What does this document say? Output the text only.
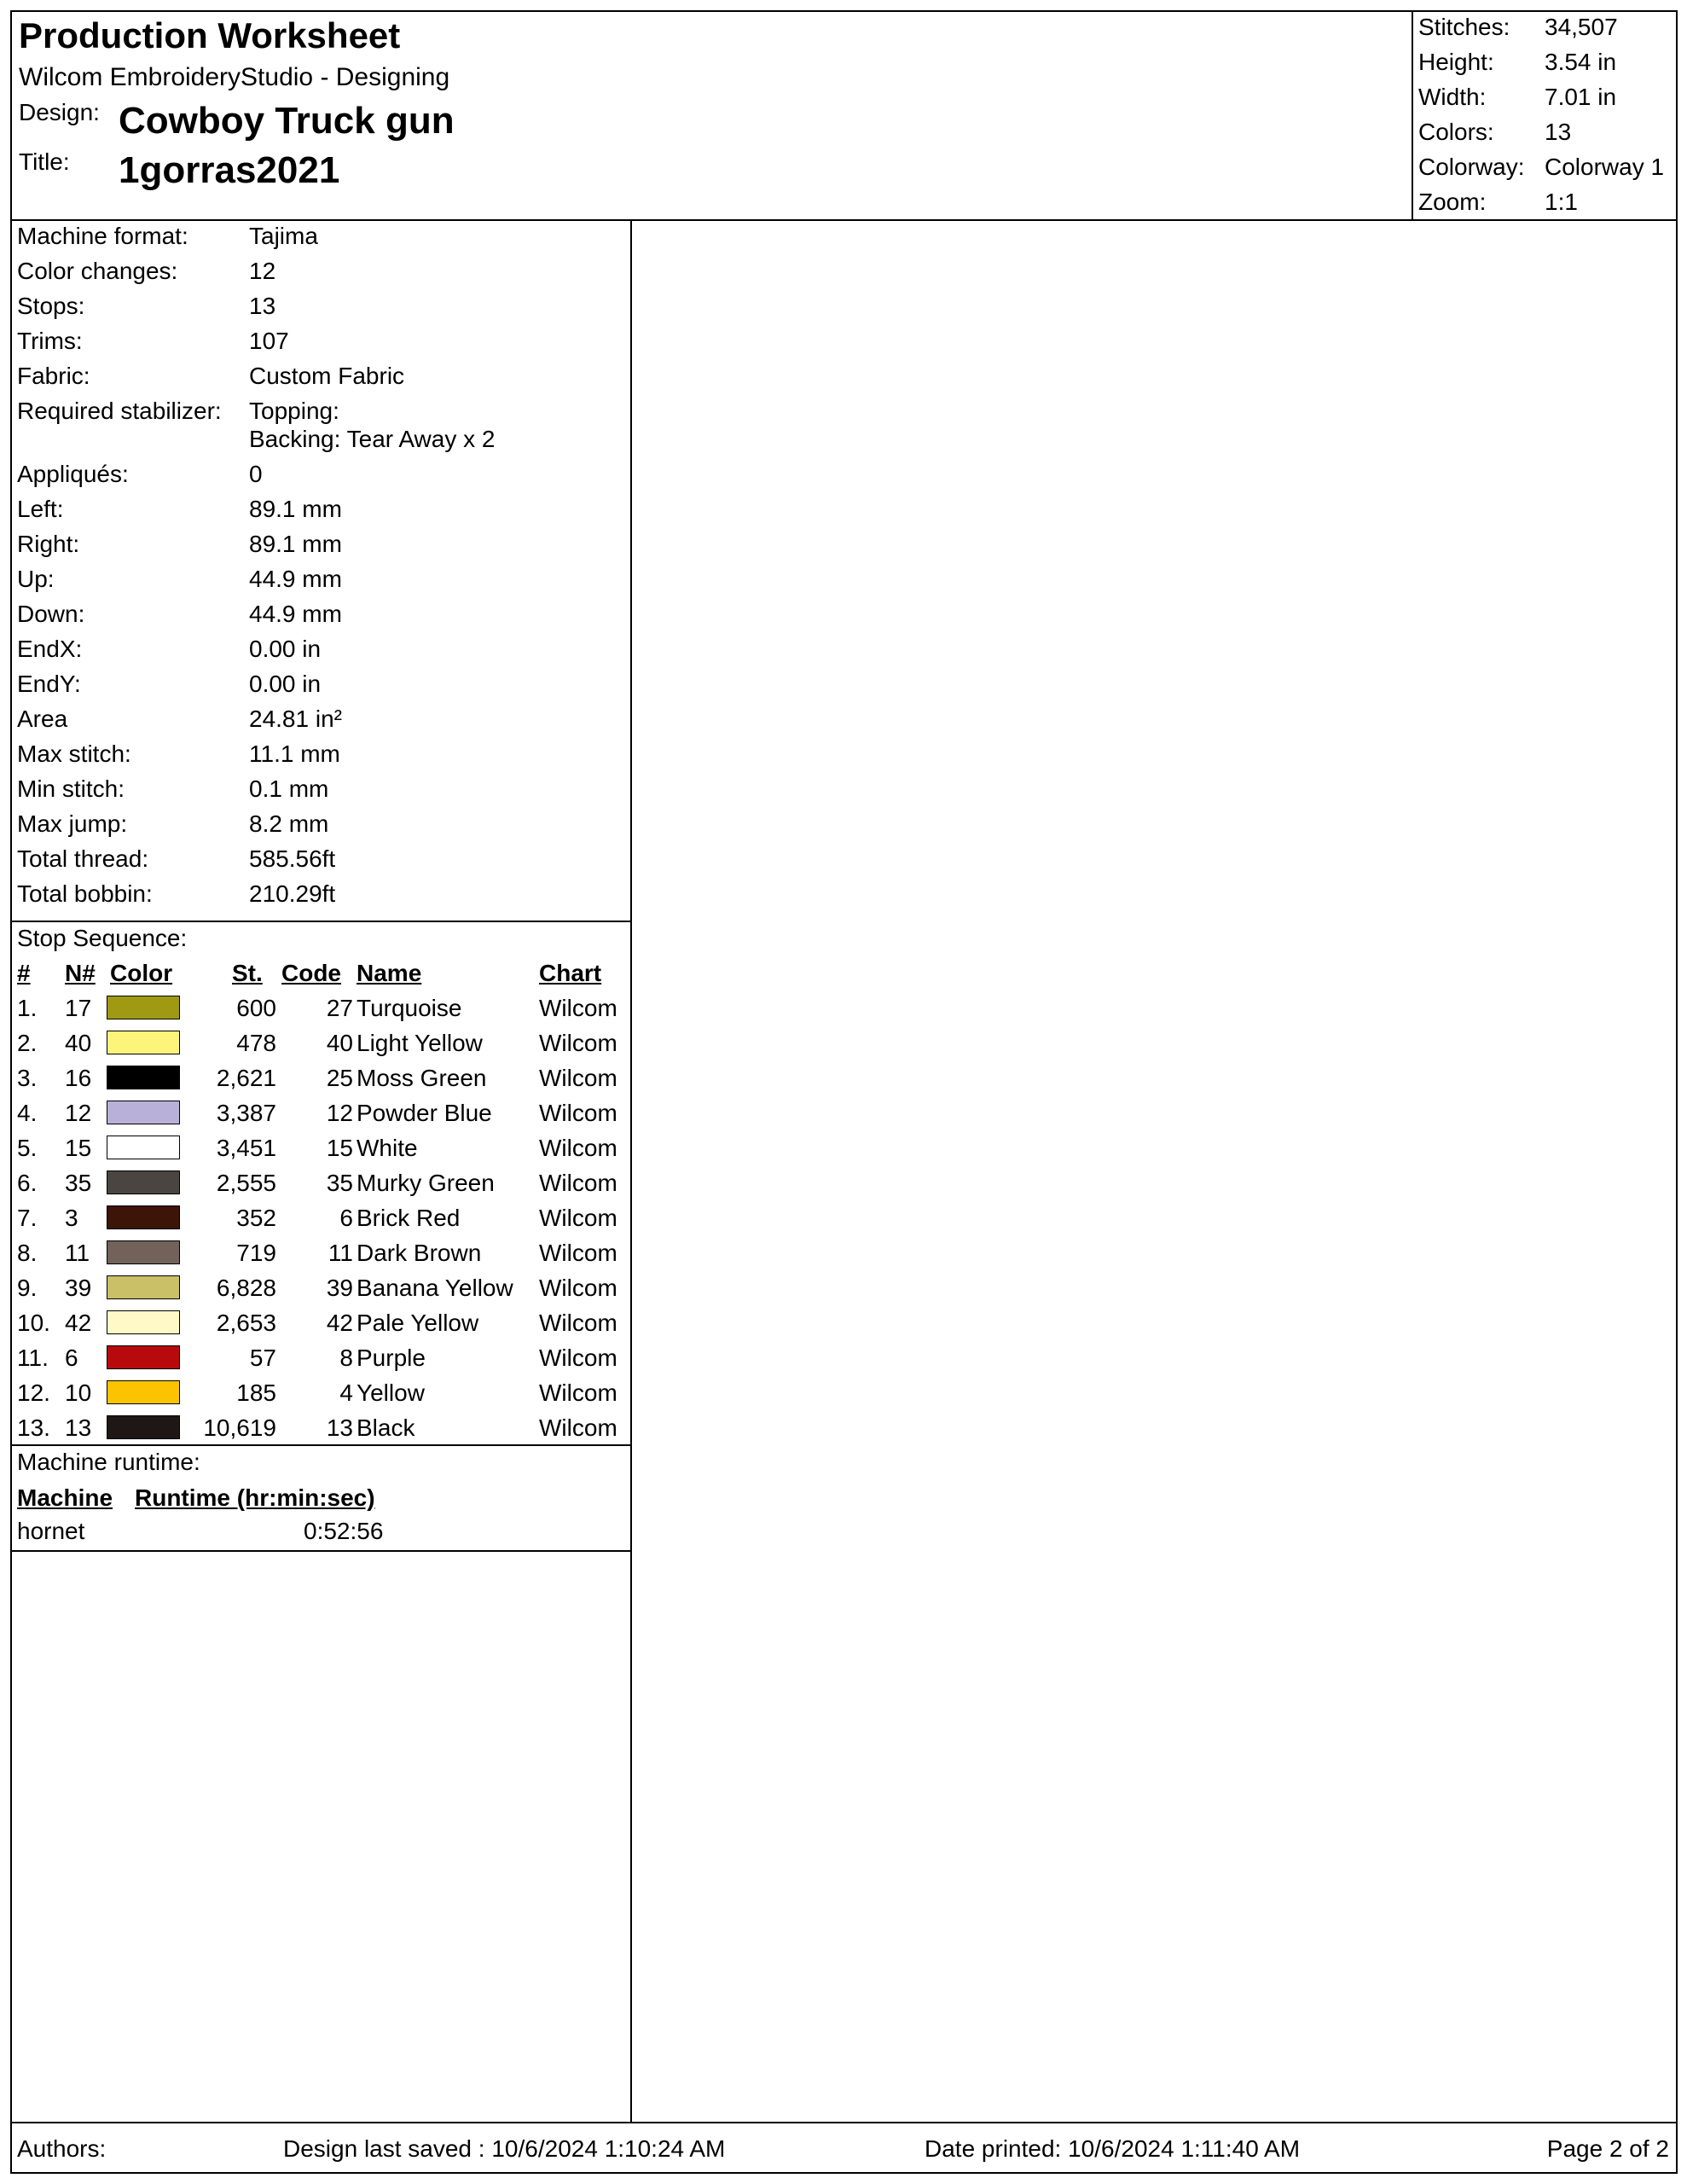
Production Worksheet
Wilcom EmbroideryStudio - Designing
Design: Cowboy Truck gun
Title: 1gorras2021
Stitches: 34,507
Height: 3.54 in
Width: 7.01 in
Colors: 13
Colorway: Colorway 1
Zoom: 1:1
Machine format:	Tajima
Color changes:	12
Stops:	13
Trims:	107
Fabric:	Custom Fabric
Required stabilizer: Topping:
Backing: Tear Away x 2
Appliqués:	0
Left:	89.1 mm
Right:	89.1 mm
Up:	44.9 mm
Down:	44.9 mm
EndX:	0.00 in
EndY:	0.00 in
Area	24.81 in²
Max stitch:	11.1 mm
Min stitch:	0.1 mm
Max jump:	8.2 mm
Total thread:	585.56ft
Total bobbin:	210.29ft
Stop Sequence:
# N# Color St. Code Name	Chart
1. 17	600	27 Turquoise	Wilcom
2. 40	478	40 Light Yellow Wilcom
3. 16	2,621	25 Moss Green Wilcom
4. 12	3,387	12 Powder Blue Wilcom
5. 15	3,451	15 White	Wilcom
6. 35	2,555	35 Murky Green Wilcom
7. 3	352	6 Brick Red	Wilcom
8. 11	719	11 Dark Brown Wilcom
9. 39	6,828	39 Banana Yellow Wilcom
10. 42	2,653	42 Pale Yellow	Wilcom
11. 6	57	8 Purple	Wilcom
12. 10	185	4 Yellow	Wilcom
13. 13	10,619	13 Black	Wilcom
Machine runtime:
Machine Runtime (hr:min:sec)
hornet	0:52:56
Authors:	Design last saved : 10/6/2024 1:10:24 AM	Date printed: 10/6/2024 1:11:40 AM	Page 2 of 2
